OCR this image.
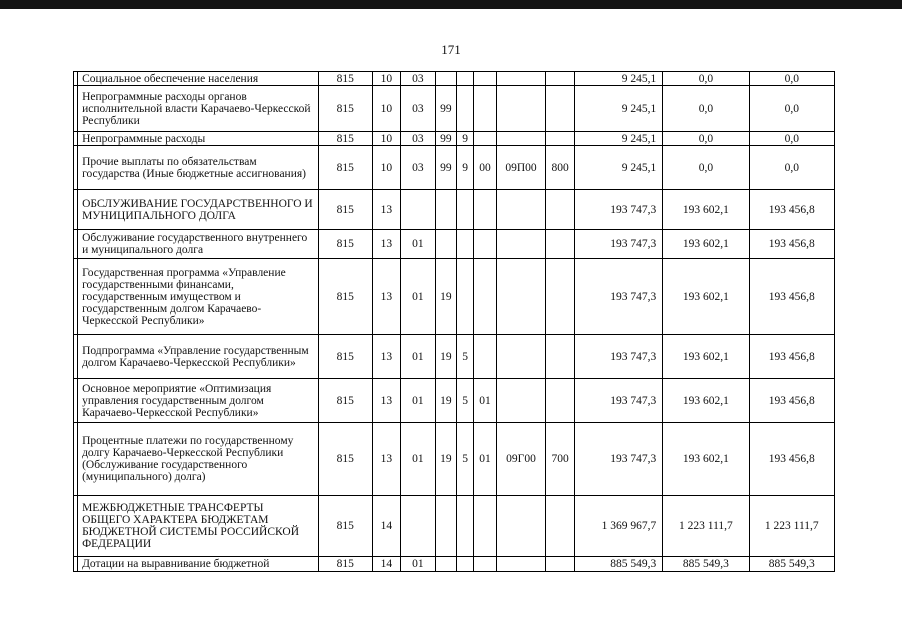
171
	Социальное обеспечение населения	815	10	03						9 245,1	0,0	0,0
	Непрограммные расходы органов исполнительной власти Карачаево-Черкесской Республики	815	10	03	99					9 245,1	0,0	0,0
	Непрограммные расходы	815	10	03	99	9				9 245,1	0,0	0,0
	Прочие выплаты по обязательствам государства (Иные бюджетные ассигнования)	815	10	03	99	9	00	09П00	800	9 245,1	0,0	0,0
	ОБСЛУЖИВАНИЕ ГОСУДАРСТВЕННОГО И МУНИЦИПАЛЬНОГО ДОЛГА	815	13							193 747,3	193 602,1	193 456,8
	Обслуживание государственного внутреннего и муниципального долга	815	13	01						193 747,3	193 602,1	193 456,8
	Государственная программа «Управление государственными финансами, государственным имуществом и государственным долгом Карачаево-Черкесской Республики»	815	13	01	19					193 747,3	193 602,1	193 456,8
	Подпрограмма «Управление государственным долгом Карачаево-Черкесской Республики»	815	13	01	19	5				193 747,3	193 602,1	193 456,8
	Основное мероприятие «Оптимизация управления государственным долгом Карачаево-Черкесской Республики»	815	13	01	19	5	01			193 747,3	193 602,1	193 456,8
	Процентные платежи по государственному долгу Карачаево-Черкесской Республики (Обслуживание государственного (муниципального) долга)	815	13	01	19	5	01	09Г00	700	193 747,3	193 602,1	193 456,8
	МЕЖБЮДЖЕТНЫЕ ТРАНСФЕРТЫ ОБЩЕГО ХАРАКТЕРА БЮДЖЕТАМ БЮДЖЕТНОЙ СИСТЕМЫ РОССИЙСКОЙ ФЕДЕРАЦИИ	815	14							1 369 967,7	1 223 111,7	1 223 111,7
	Дотации на выравнивание бюджетной	815	14	01						885 549,3	885 549,3	885 549,3
